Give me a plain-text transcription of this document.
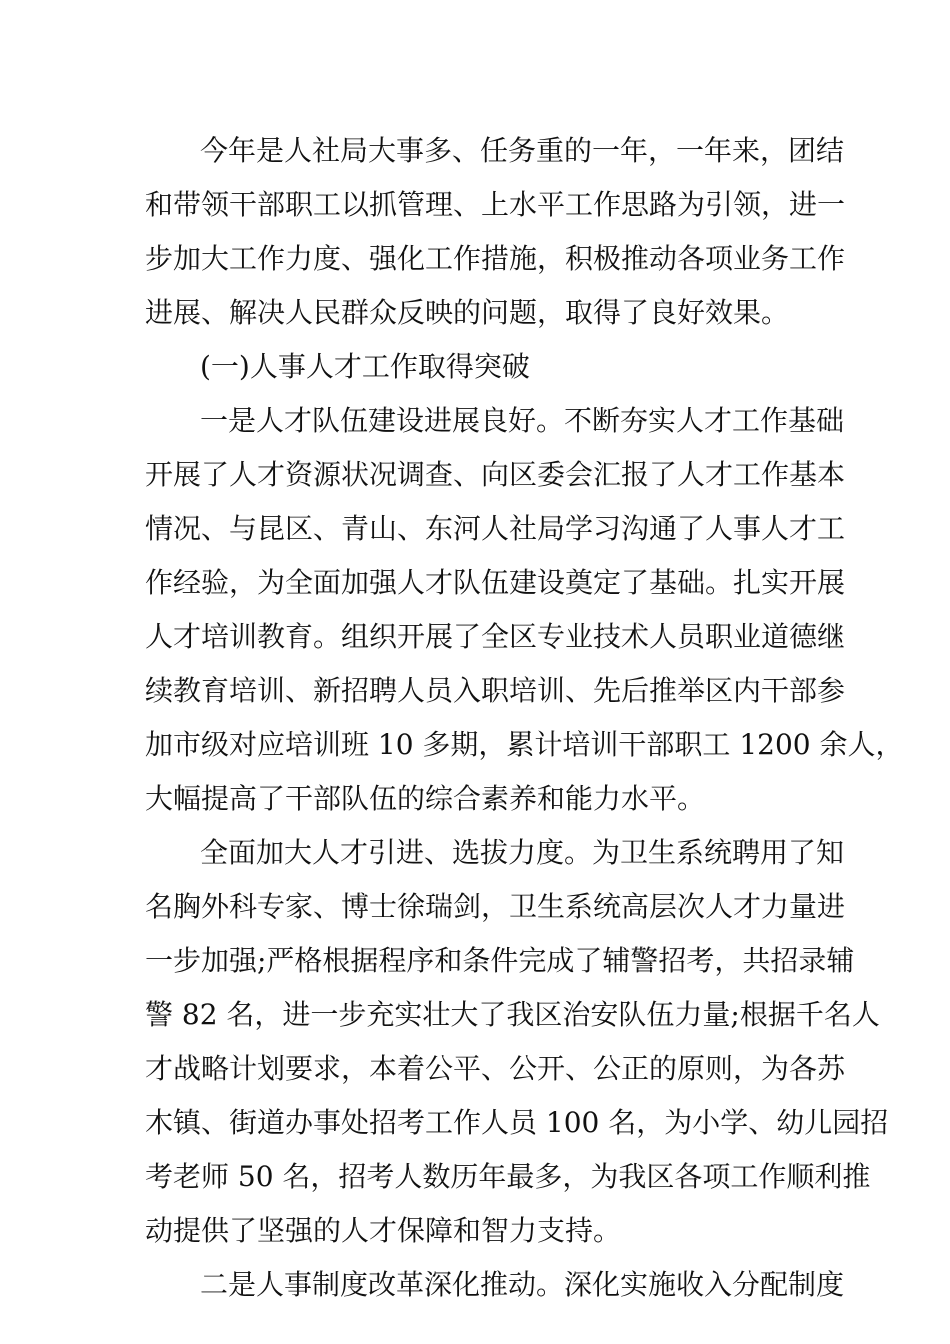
今年是人社局大事多、任务重的一年，一年来，团结
和带领干部职工以抓管理、上水平工作思路为引领，进一
步加大工作力度、强化工作措施，积极推动各项业务工作
进展、解决人民群众反映的问题，取得了良好效果。
(一)人事人才工作取得突破
一是人才队伍建设进展良好。不断夯实人才工作基础
开展了人才资源状况调查、向区委会汇报了人才工作基本
情况、与昆区、青山、东河人社局学习沟通了人事人才工
作经验，为全面加强人才队伍建设奠定了基础。扎实开展
人才培训教育。组织开展了全区专业技术人员职业道德继
续教育培训、新招聘人员入职培训、先后推举区内干部参
加市级对应培训班 10 多期，累计培训干部职工 1200 余人，
大幅提高了干部队伍的综合素养和能力水平。
全面加大人才引进、选拔力度。为卫生系统聘用了知
名胸外科专家、博士徐瑞剑，卫生系统高层次人才力量进
一步加强;严格根据程序和条件完成了辅警招考，共招录辅
警 82 名，进一步充实壮大了我区治安队伍力量;根据千名人
才战略计划要求，本着公平、公开、公正的原则，为各苏
木镇、街道办事处招考工作人员 100 名，为小学、幼儿园招
考老师 50 名，招考人数历年最多，为我区各项工作顺利推
动提供了坚强的人才保障和智力支持。
二是人事制度改革深化推动。深化实施收入分配制度
